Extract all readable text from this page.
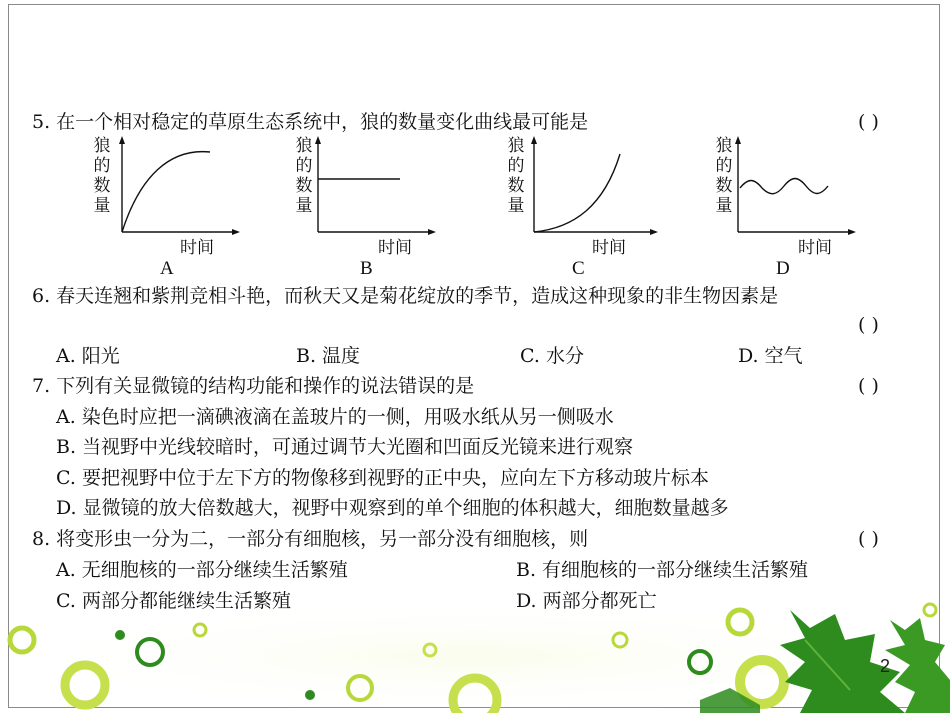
5. 在一个相对稳定的草原生态系统中，狼的数量变化曲线最可能是	( )
狼
的
数
量
时间
A
狼
的
数
量
时间
B
狼
的
数
量
时间
C
狼
的
数
量
时间
D
6. 春天连翘和紫荆竞相斗艳，而秋天又是菊花绽放的季节，造成这种现象的非生物因素是
( )
A. 阳光	B. 温度	C. 水分	D. 空气
7. 下列有关显微镜的结构功能和操作的说法错误的是	( )
A. 染色时应把一滴碘液滴在盖玻片的一侧，用吸水纸从另一侧吸水
B. 当视野中光线较暗时，可通过调节大光圈和凹面反光镜来进行观察
C. 要把视野中位于左下方的物像移到视野的正中央，应向左下方移动玻片标本
D. 显微镜的放大倍数越大，视野中观察到的单个细胞的体积越大，细胞数量越多
8. 将变形虫一分为二，一部分有细胞核，另一部分没有细胞核，则	( )
A. 无细胞核的一部分继续生活繁殖	B. 有细胞核的一部分继续生活繁殖
C. 两部分都能继续生活繁殖	D. 两部分都死亡
2
